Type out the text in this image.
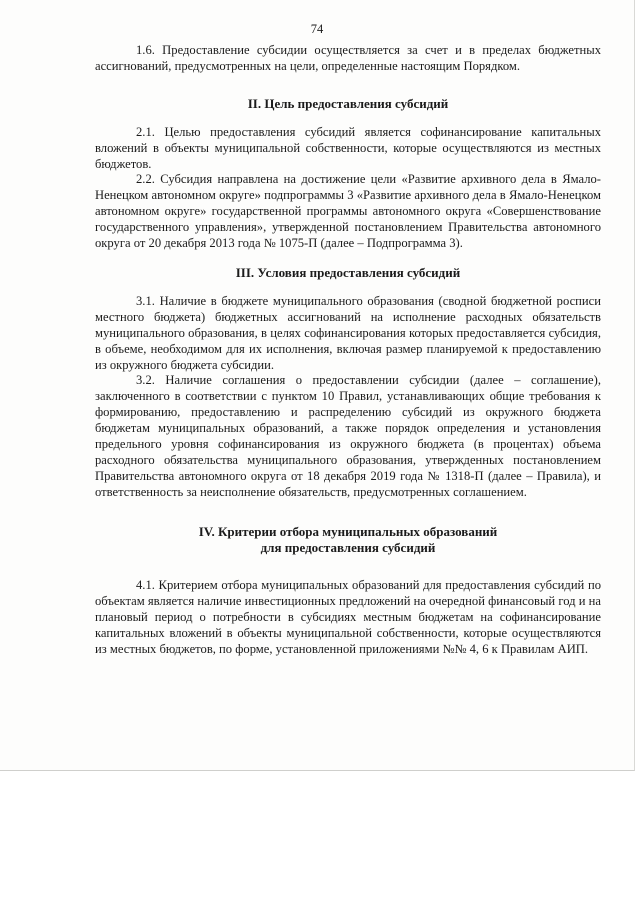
74

1.6. Предоставление субсидии осуществляется за счет и в пределах бюджетных ассигнований, предусмотренных на цели, определенные настоящим Порядком.

II. Цель предоставления субсидий

2.1. Целью предоставления субсидий является софинансирование капитальных вложений в объекты муниципальной собственности, которые осуществляются из местных бюджетов.

2.2. Субсидия направлена на достижение цели «Развитие архивного дела в Ямало-Ненецком автономном округе» подпрограммы 3 «Развитие архивного дела в Ямало-Ненецком автономном округе» государственной программы автономного округа «Совершенствование государственного управления», утвержденной постановлением Правительства автономного округа от 20 декабря 2013 года № 1075-П (далее – Подпрограмма 3).

III. Условия предоставления субсидий

3.1. Наличие в бюджете муниципального образования (сводной бюджетной росписи местного бюджета) бюджетных ассигнований на исполнение расходных обязательств муниципального образования, в целях софинансирования которых предоставляется субсидия, в объеме, необходимом для их исполнения, включая размер планируемой к предоставлению из окружного бюджета субсидии.

3.2. Наличие соглашения о предоставлении субсидии (далее – соглашение), заключенного в соответствии с пунктом 10 Правил, устанавливающих общие требования к формированию, предоставлению и распределению субсидий из окружного бюджета бюджетам муниципальных образований, а также порядок определения и установления предельного уровня софинансирования из окружного бюджета (в процентах) объема расходного обязательства муниципального образования, утвержденных постановлением Правительства автономного округа от 18 декабря 2019 года № 1318-П (далее – Правила), и ответственность за неисполнение обязательств, предусмотренных соглашением.

IV. Критерии отбора муниципальных образований
для предоставления субсидий

4.1. Критерием отбора муниципальных образований для предоставления субсидий по объектам является наличие инвестиционных предложений на очередной финансовый год и на плановый период о потребности в субсидиях местным бюджетам на софинансирование капитальных вложений в объекты муниципальной собственности, которые осуществляются из местных бюджетов, по форме, установленной приложениями №№ 4, 6 к Правилам АИП.
